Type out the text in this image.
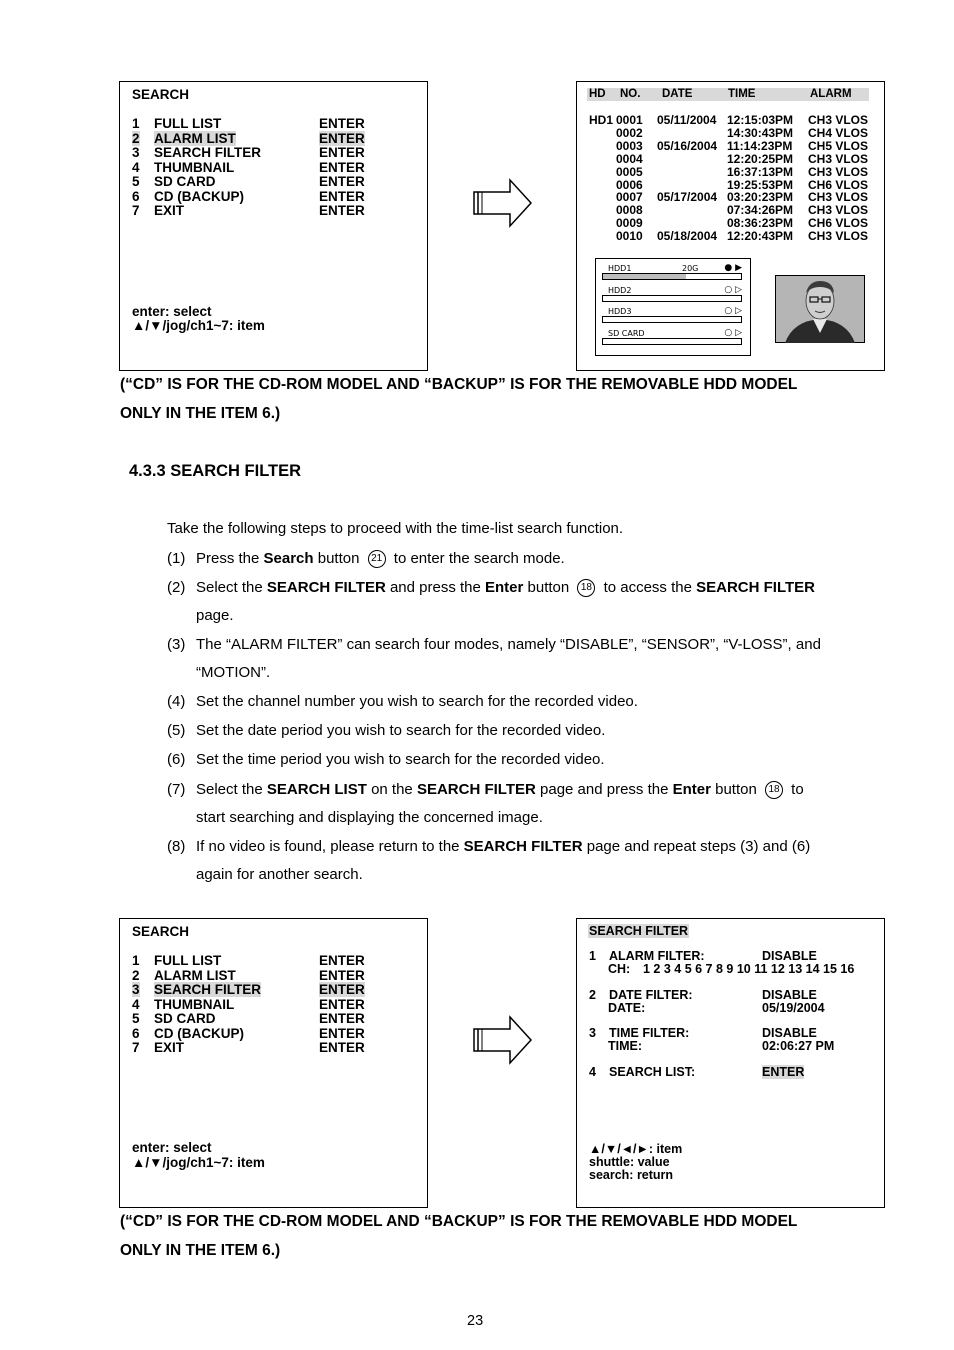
SEARCH
1 FULL LIST	ENTER
2 ALARM LIST	ENTER
3 SEARCH FILTER	ENTER
4 THUMBNAIL	ENTER
5 SD CARD	ENTER
6 CD (BACKUP)	ENTER
7 EXIT	ENTER
enter: select
▲/▼/jog/ch1~7: item
HD NO. DATE	TIME	ALARM
HD1 0001 05/11/2004 12:15:03PM CH3 VLOS
0002	14:30:43PM CH4 VLOS
0003 05/16/2004 11:14:23PM CH5 VLOS
0004	12:20:25PM CH3 VLOS
0005	16:37:13PM CH3 VLOS
0006	19:25:53PM CH6 VLOS
0007 05/17/2004 03:20:23PM CH3 VLOS
0008	07:34:26PM CH3 VLOS
0009	08:36:23PM CH6 VLOS
0010 05/18/2004 12:20:43PM CH3 VLOS
HDD1	20G	● ▶
HDD2	○ ▷
HDD3	○ ▷
SD CARD	○ ▷
(“CD” IS FOR THE CD-ROM MODEL AND “BACKUP” IS FOR THE REMOVABLE HDD MODEL
ONLY IN THE ITEM 6.)
4.3.3 SEARCH FILTER
Take the following steps to proceed with the time-list search function.
(1) Press the Search button 21 to enter the search mode.
(2) Select the SEARCH FILTER and press the Enter button 18 to access the SEARCH FILTER
page.
(3) The “ALARM FILTER” can search four modes, namely “DISABLE”, “SENSOR”, “V-LOSS”, and
“MOTION”.
(4) Set the channel number you wish to search for the recorded video.
(5) Set the date period you wish to search for the recorded video.
(6) Set the time period you wish to search for the recorded video.
(7) Select the SEARCH LIST on the SEARCH FILTER page and press the Enter button 18 to
start searching and displaying the concerned image.
(8) If no video is found, please return to the SEARCH FILTER page and repeat steps (3) and (6)
again for another search.
SEARCH
1 FULL LIST	ENTER
2 ALARM LIST	ENTER
3 SEARCH FILTER	ENTER
4 THUMBNAIL	ENTER
5 SD CARD	ENTER
6 CD (BACKUP)	ENTER
7 EXIT	ENTER
enter: select
▲/▼/jog/ch1~7: item
SEARCH FILTER
1 ALARM FILTER:	DISABLE
CH: 1 2 3 4 5 6 7 8 9 10 11 12 13 14 15 16
2 DATE FILTER:	DISABLE
DATE:	05/19/2004
3 TIME FILTER:	DISABLE
TIME:	02:06:27 PM
4 SEARCH LIST:	ENTER
▲/▼/◄/►: item
shuttle: value
search: return
(“CD” IS FOR THE CD-ROM MODEL AND “BACKUP” IS FOR THE REMOVABLE HDD MODEL
ONLY IN THE ITEM 6.)
23
